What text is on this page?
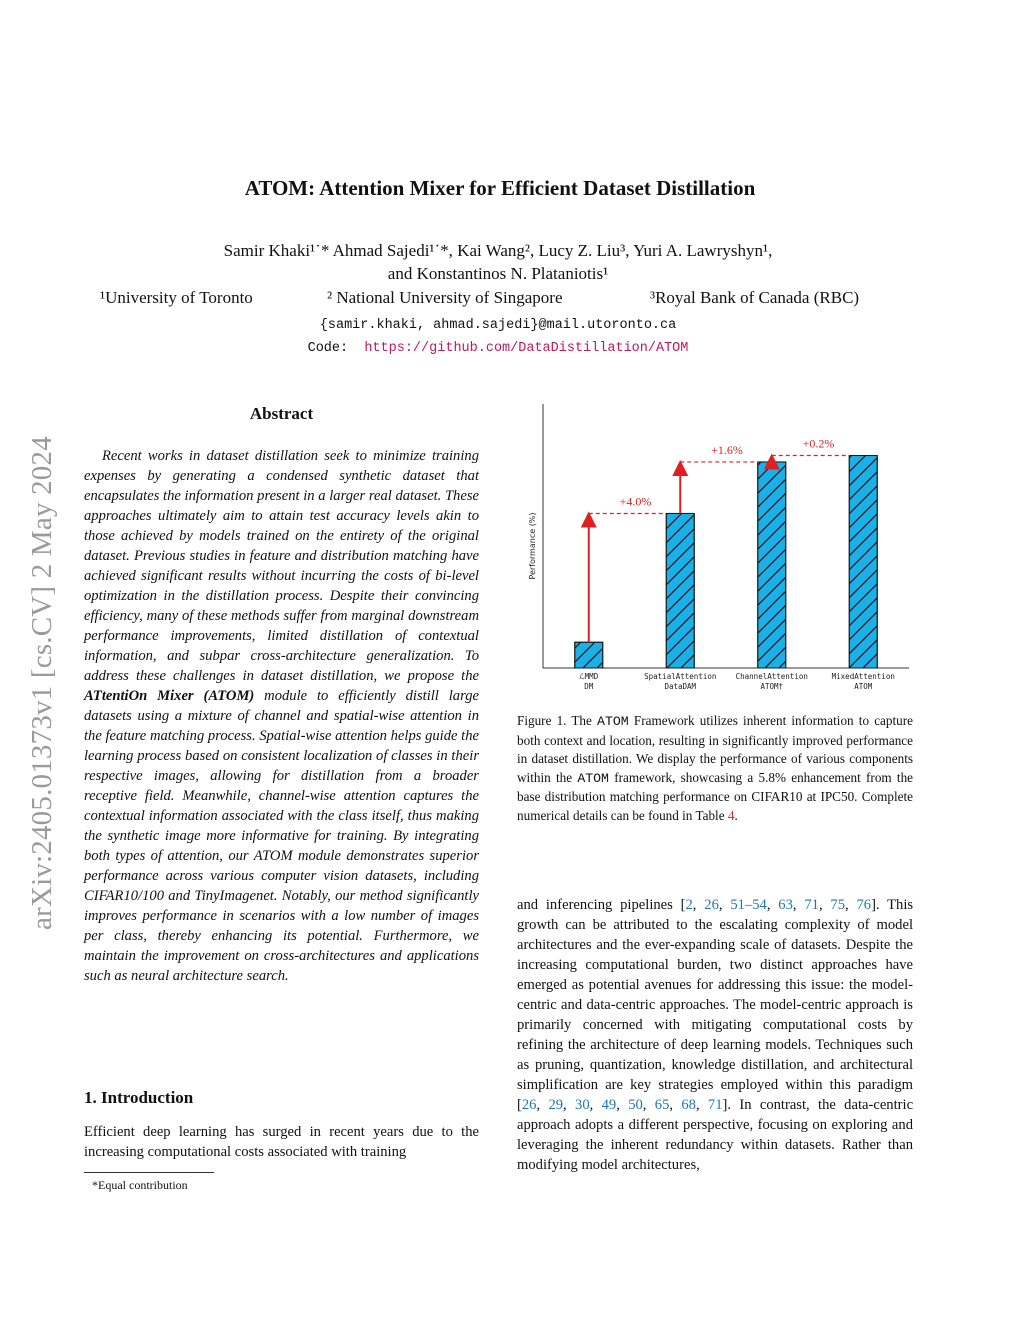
ATOM: Attention Mixer for Efficient Dataset Distillation
Samir Khaki¹˙* Ahmad Sajedi¹˙*, Kai Wang², Lucy Z. Liu³, Yuri A. Lawryshyn¹,
and Konstantinos N. Plataniotis¹
¹University of Toronto	² National University of Singapore	³Royal Bank of Canada (RBC)
{samir.khaki, ahmad.sajedi}@mail.utoronto.ca
Code: https://github.com/DataDistillation/ATOM
arXiv:2405.01373v1 [cs.CV] 2 May 2024
Abstract
Recent works in dataset distillation seek to minimize training expenses by generating a condensed synthetic dataset that encapsulates the information present in a larger real dataset. These approaches ultimately aim to attain test accuracy levels akin to those achieved by models trained on the entirety of the original dataset. Previous studies in feature and distribution matching have achieved significant results without incurring the costs of bi-level optimization in the distillation process. Despite their convincing efficiency, many of these methods suffer from marginal downstream performance improvements, limited distillation of contextual information, and subpar cross-architecture generalization. To address these challenges in dataset distillation, we propose the ATtentiOn Mixer (ATOM) module to efficiently distill large datasets using a mixture of channel and spatial-wise attention in the feature matching process. Spatial-wise attention helps guide the learning process based on consistent localization of classes in their respective images, allowing for distillation from a broader receptive field. Meanwhile, channel-wise attention captures the contextual information associated with the class itself, thus making the synthetic image more informative for training. By integrating both types of attention, our ATOM module demonstrates superior performance across various computer vision datasets, including CIFAR10/100 and TinyImagenet. Notably, our method significantly improves performance in scenarios with a low number of images per class, thereby enhancing its potential. Furthermore, we maintain the improvement on cross-architectures and applications such as neural architecture search.
1. Introduction
Efficient deep learning has surged in recent years due to the increasing computational costs associated with training
*Equal contribution
Performance (%)
+4.0%
+1.6%	+0.2%
ℒMMD
DM
SpatialAttention
DataDAM
ChannelAttention
ATOM†
MixedAttention
ATOM
Figure 1. The ATOM Framework utilizes inherent information to capture both context and location, resulting in significantly improved performance in dataset distillation. We display the performance of various components within the ATOM framework, showcasing a 5.8% enhancement from the base distribution matching performance on CIFAR10 at IPC50. Complete numerical details can be found in Table 4.
and inferencing pipelines [2, 26, 51–54, 63, 71, 75, 76]. This growth can be attributed to the escalating complexity of model architectures and the ever-expanding scale of datasets. Despite the increasing computational burden, two distinct approaches have emerged as potential avenues for addressing this issue: the model-centric and data-centric approaches. The model-centric approach is primarily concerned with mitigating computational costs by refining the architecture of deep learning models. Techniques such as pruning, quantization, knowledge distillation, and architectural simplification are key strategies employed within this paradigm [26, 29, 30, 49, 50, 65, 68, 71]. In contrast, the data-centric approach adopts a different perspective, focusing on exploring and leveraging the inherent redundancy within datasets. Rather than modifying model architectures,
